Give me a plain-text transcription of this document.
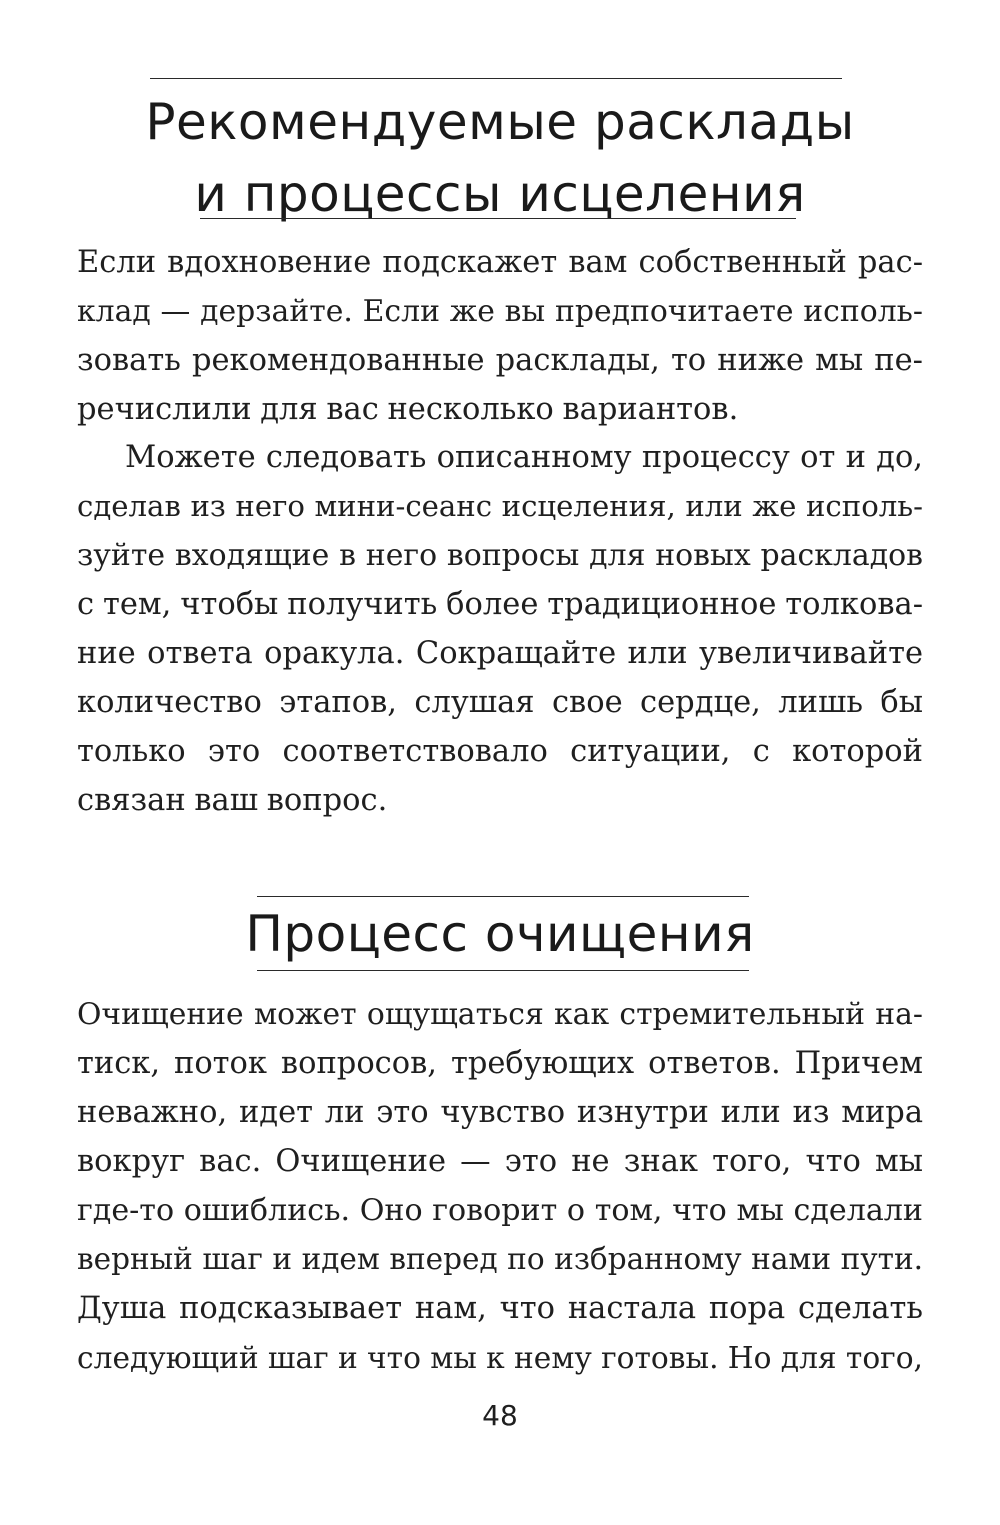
Рекомендуемые расклады
и процессы исцеления
Если вдохновение подскажет вам собственный рас-
клад — дерзайте. Если же вы предпочитаете исполь-
зовать рекомендованные расклады, то ниже мы пе-
речислили для вас несколько вариантов.
Можете следовать описанному процессу от и до,
сделав из него мини-сеанс исцеления, или же исполь-
зуйте входящие в него вопросы для новых раскладов
с тем, чтобы получить более традиционное толкова-
ние ответа оракула. Сокращайте или увеличивайте
количество этапов, слушая свое сердце, лишь бы
только это соответствовало ситуации, с которой
связан ваш вопрос.
Процесс очищения
Очищение может ощущаться как стремительный на-
тиск, поток вопросов, требующих ответов. Причем
неважно, идет ли это чувство изнутри или из мира
вокруг вас. Очищение — это не знак того, что мы
где-то ошиблись. Оно говорит о том, что мы сделали
верный шаг и идем вперед по избранному нами пути.
Душа подсказывает нам, что настала пора сделать
следующий шаг и что мы к нему готовы. Но для того,
48
